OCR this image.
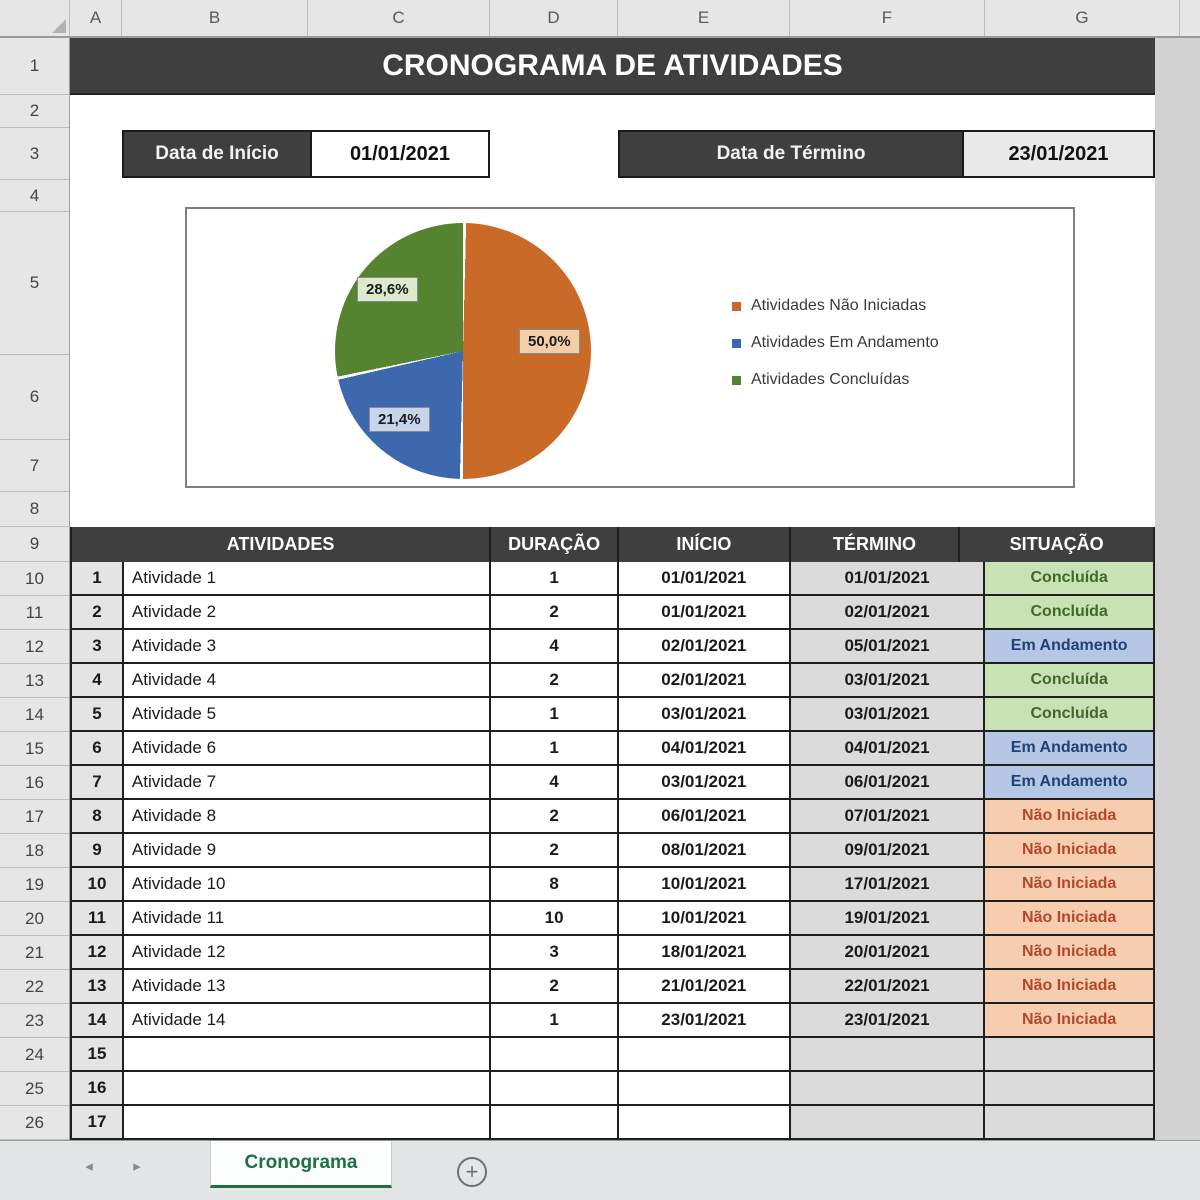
A	B	C	D	E	F	G
1
2
3
4
5
6
7
8
9
10
11
12
13
14
15
16
17
18
19
20
21
22
23
24
25
26
CRONOGRAMA DE ATIVIDADES
Data de Início	01/01/2021	Data de Término	23/01/2021
50,0%
21,4%
28,6%
Atividades Não Iniciadas
Atividades Em Andamento
Atividades Concluídas
ATIVIDADES	DURAÇÃO	INÍCIO	TÉRMINO	SITUAÇÃO
1	Atividade 1	1	01/01/2021	01/01/2021	Concluída
2	Atividade 2	2	01/01/2021	02/01/2021	Concluída
3	Atividade 3	4	02/01/2021	05/01/2021	Em Andamento
4	Atividade 4	2	02/01/2021	03/01/2021	Concluída
5	Atividade 5	1	03/01/2021	03/01/2021	Concluída
6	Atividade 6	1	04/01/2021	04/01/2021	Em Andamento
7	Atividade 7	4	03/01/2021	06/01/2021	Em Andamento
8	Atividade 8	2	06/01/2021	07/01/2021	Não Iniciada
9	Atividade 9	2	08/01/2021	09/01/2021	Não Iniciada
10	Atividade 10	8	10/01/2021	17/01/2021	Não Iniciada
11	Atividade 11	10	10/01/2021	19/01/2021	Não Iniciada
12	Atividade 12	3	18/01/2021	20/01/2021	Não Iniciada
13	Atividade 13	2	21/01/2021	22/01/2021	Não Iniciada
14	Atividade 14	1	23/01/2021	23/01/2021	Não Iniciada
15
16
17
◂	▸	Cronograma	+
